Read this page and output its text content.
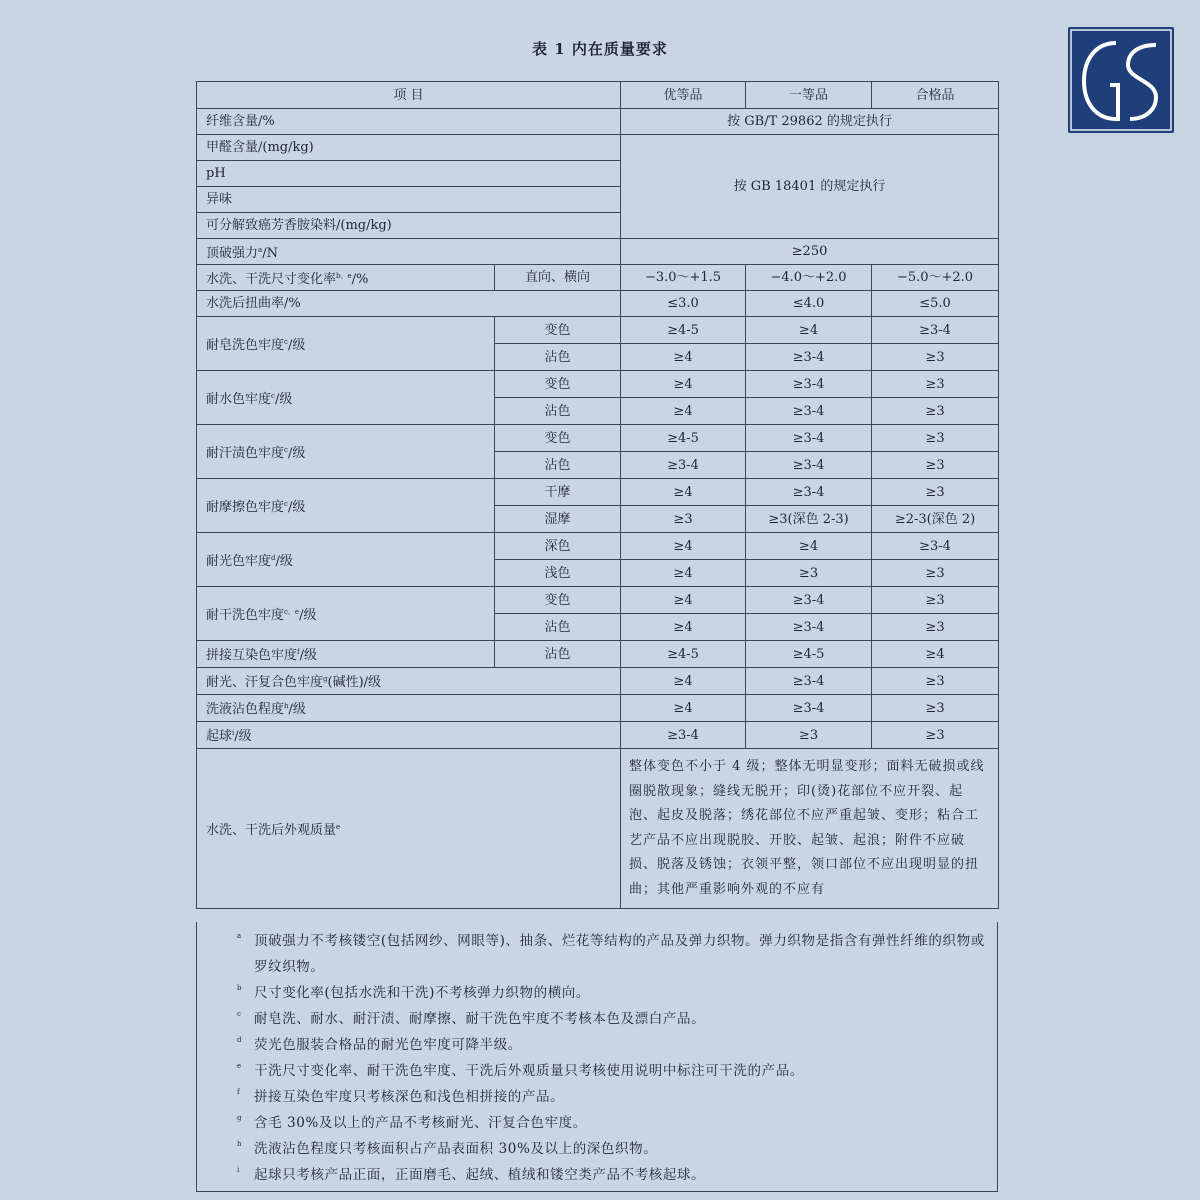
表 1 内在质量要求
项 目		优等品	一等品	合格品
纤维含量/%		按 GB/T 29862 的规定执行		
甲醛含量/(mg/kg)		按 GB 18401 的规定执行		
pH				
异味				
可分解致癌芳香胺染料/(mg/kg)				
顶破强力$^a$/N		≥250		
水洗、干洗尺寸变化率$^{b、e}$/%	直向、横向	−3.0～+1.5	−4.0～+2.0	−5.0～+2.0
水洗后扭曲率/%		≤3.0	≤4.0	≤5.0
耐皂洗色牢度$^c$/级	变色	≥4-5	≥4	≥3-4
	沾色	≥4	≥3-4	≥3
耐水色牢度$^c$/级	变色	≥4	≥3-4	≥3
	沾色	≥4	≥3-4	≥3
耐汗渍色牢度$^c$/级	变色	≥4-5	≥3-4	≥3
	沾色	≥3-4	≥3-4	≥3
耐摩擦色牢度$^c$/级	干摩	≥4	≥3-4	≥3
	湿摩	≥3	≥3(深色 2-3)	≥2-3(深色 2)
耐光色牢度$^d$/级	深色	≥4	≥4	≥3-4
	浅色	≥4	≥3	≥3
耐干洗色牢度$^{c、e}$/级	变色	≥4	≥3-4	≥3
	沾色	≥4	≥3-4	≥3
拼接互染色牢度$^f$/级	沾色	≥4-5	≥4-5	≥4
耐光、汗复合色牢度$^g$(碱性)/级		≥4	≥3-4	≥3
洗液沾色程度$^h$/级		≥4	≥3-4	≥3
起球$^i$/级		≥3-4	≥3	≥3
水洗、干洗后外观质量$^e$		整体变色不小于 4 级；整体无明显变形；面料无破损或线圈脱散现象；缝线无脱开；印(烫)花部位不应开裂、起泡、起皮及脱落；绣花部位不应严重起皱、变形；粘合工艺产品不应出现脱胶、开胶、起皱、起浪；附件不应破损、脱落及锈蚀；衣领平整，领口部位不应出现明显的扭曲；其他严重影响外观的不应有		
a 顶破强力不考核镂空(包括网纱、网眼等)、抽条、烂花等结构的产品及弹力织物。弹力织物是指含有弹性纤维的织物或罗纹织物。
b 尺寸变化率(包括水洗和干洗)不考核弹力织物的横向。
c 耐皂洗、耐水、耐汗渍、耐摩擦、耐干洗色牢度不考核本色及漂白产品。
d 荧光色服装合格品的耐光色牢度可降半级。
e 干洗尺寸变化率、耐干洗色牢度、干洗后外观质量只考核使用说明中标注可干洗的产品。
f 拼接互染色牢度只考核深色和浅色相拼接的产品。
g 含毛 30%及以上的产品不考核耐光、汗复合色牢度。
h 洗液沾色程度只考核面积占产品表面积 30%及以上的深色织物。
i 起球只考核产品正面，正面磨毛、起绒、植绒和镂空类产品不考核起球。
